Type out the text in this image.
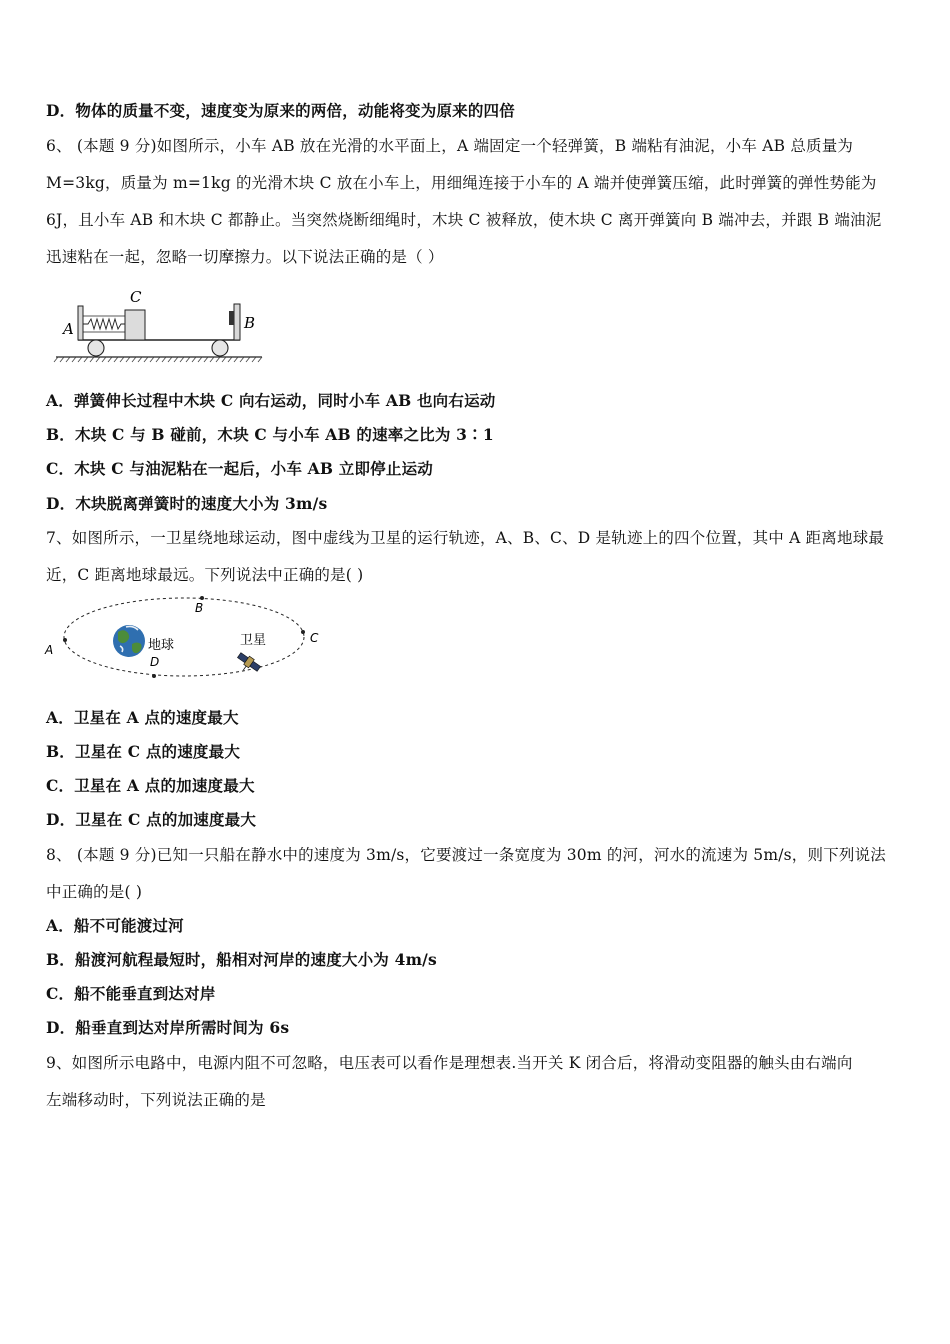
D．物体的质量不变，速度变为原来的两倍，动能将变为原来的四倍
6、 (本题 9 分)如图所示，小车 AB 放在光滑的水平面上，A 端固定一个轻弹簧，B 端粘有油泥，小车 AB 总质量为
M=3kg，质量为 m=1kg 的光滑木块 C 放在小车上，用细绳连接于小车的 A 端并使弹簧压缩，此时弹簧的弹性势能为
6J，且小车 AB 和木块 C 都静止。当突然烧断细绳时，木块 C 被释放，使木块 C 离开弹簧向 B 端冲去，并跟 B 端油泥
迅速粘在一起，忽略一切摩擦力。以下说法正确的是（ ）
A	B
C
A．弹簧伸长过程中木块 C 向右运动，同时小车 AB 也向右运动
B．木块 C 与 B 碰前，木块 C 与小车 AB 的速率之比为 3∶1
C．木块 C 与油泥粘在一起后，小车 AB 立即停止运动
D．木块脱离弹簧时的速度大小为 3m/s
7、如图所示，一卫星绕地球运动，图中虚线为卫星的运行轨迹，A、B、C、D 是轨迹上的四个位置，其中 A 距离地球最
近，C 距离地球最远。下列说法中正确的是( )
A
B
C
D
地球	卫星
A．卫星在 A 点的速度最大
B．卫星在 C 点的速度最大
C．卫星在 A 点的加速度最大
D．卫星在 C 点的加速度最大
8、 (本题 9 分)已知一只船在静水中的速度为 3m/s，它要渡过一条宽度为 30m 的河，河水的流速为 5m/s，则下列说法
中正确的是( )
A．船不可能渡过河
B．船渡河航程最短时，船相对河岸的速度大小为 4m/s
C．船不能垂直到达对岸
D．船垂直到达对岸所需时间为 6s
9、如图所示电路中，电源内阻不可忽略，电压表可以看作是理想表.当开关 K 闭合后，将滑动变阻器的触头由右端向
左端移动时，下列说法正确的是
